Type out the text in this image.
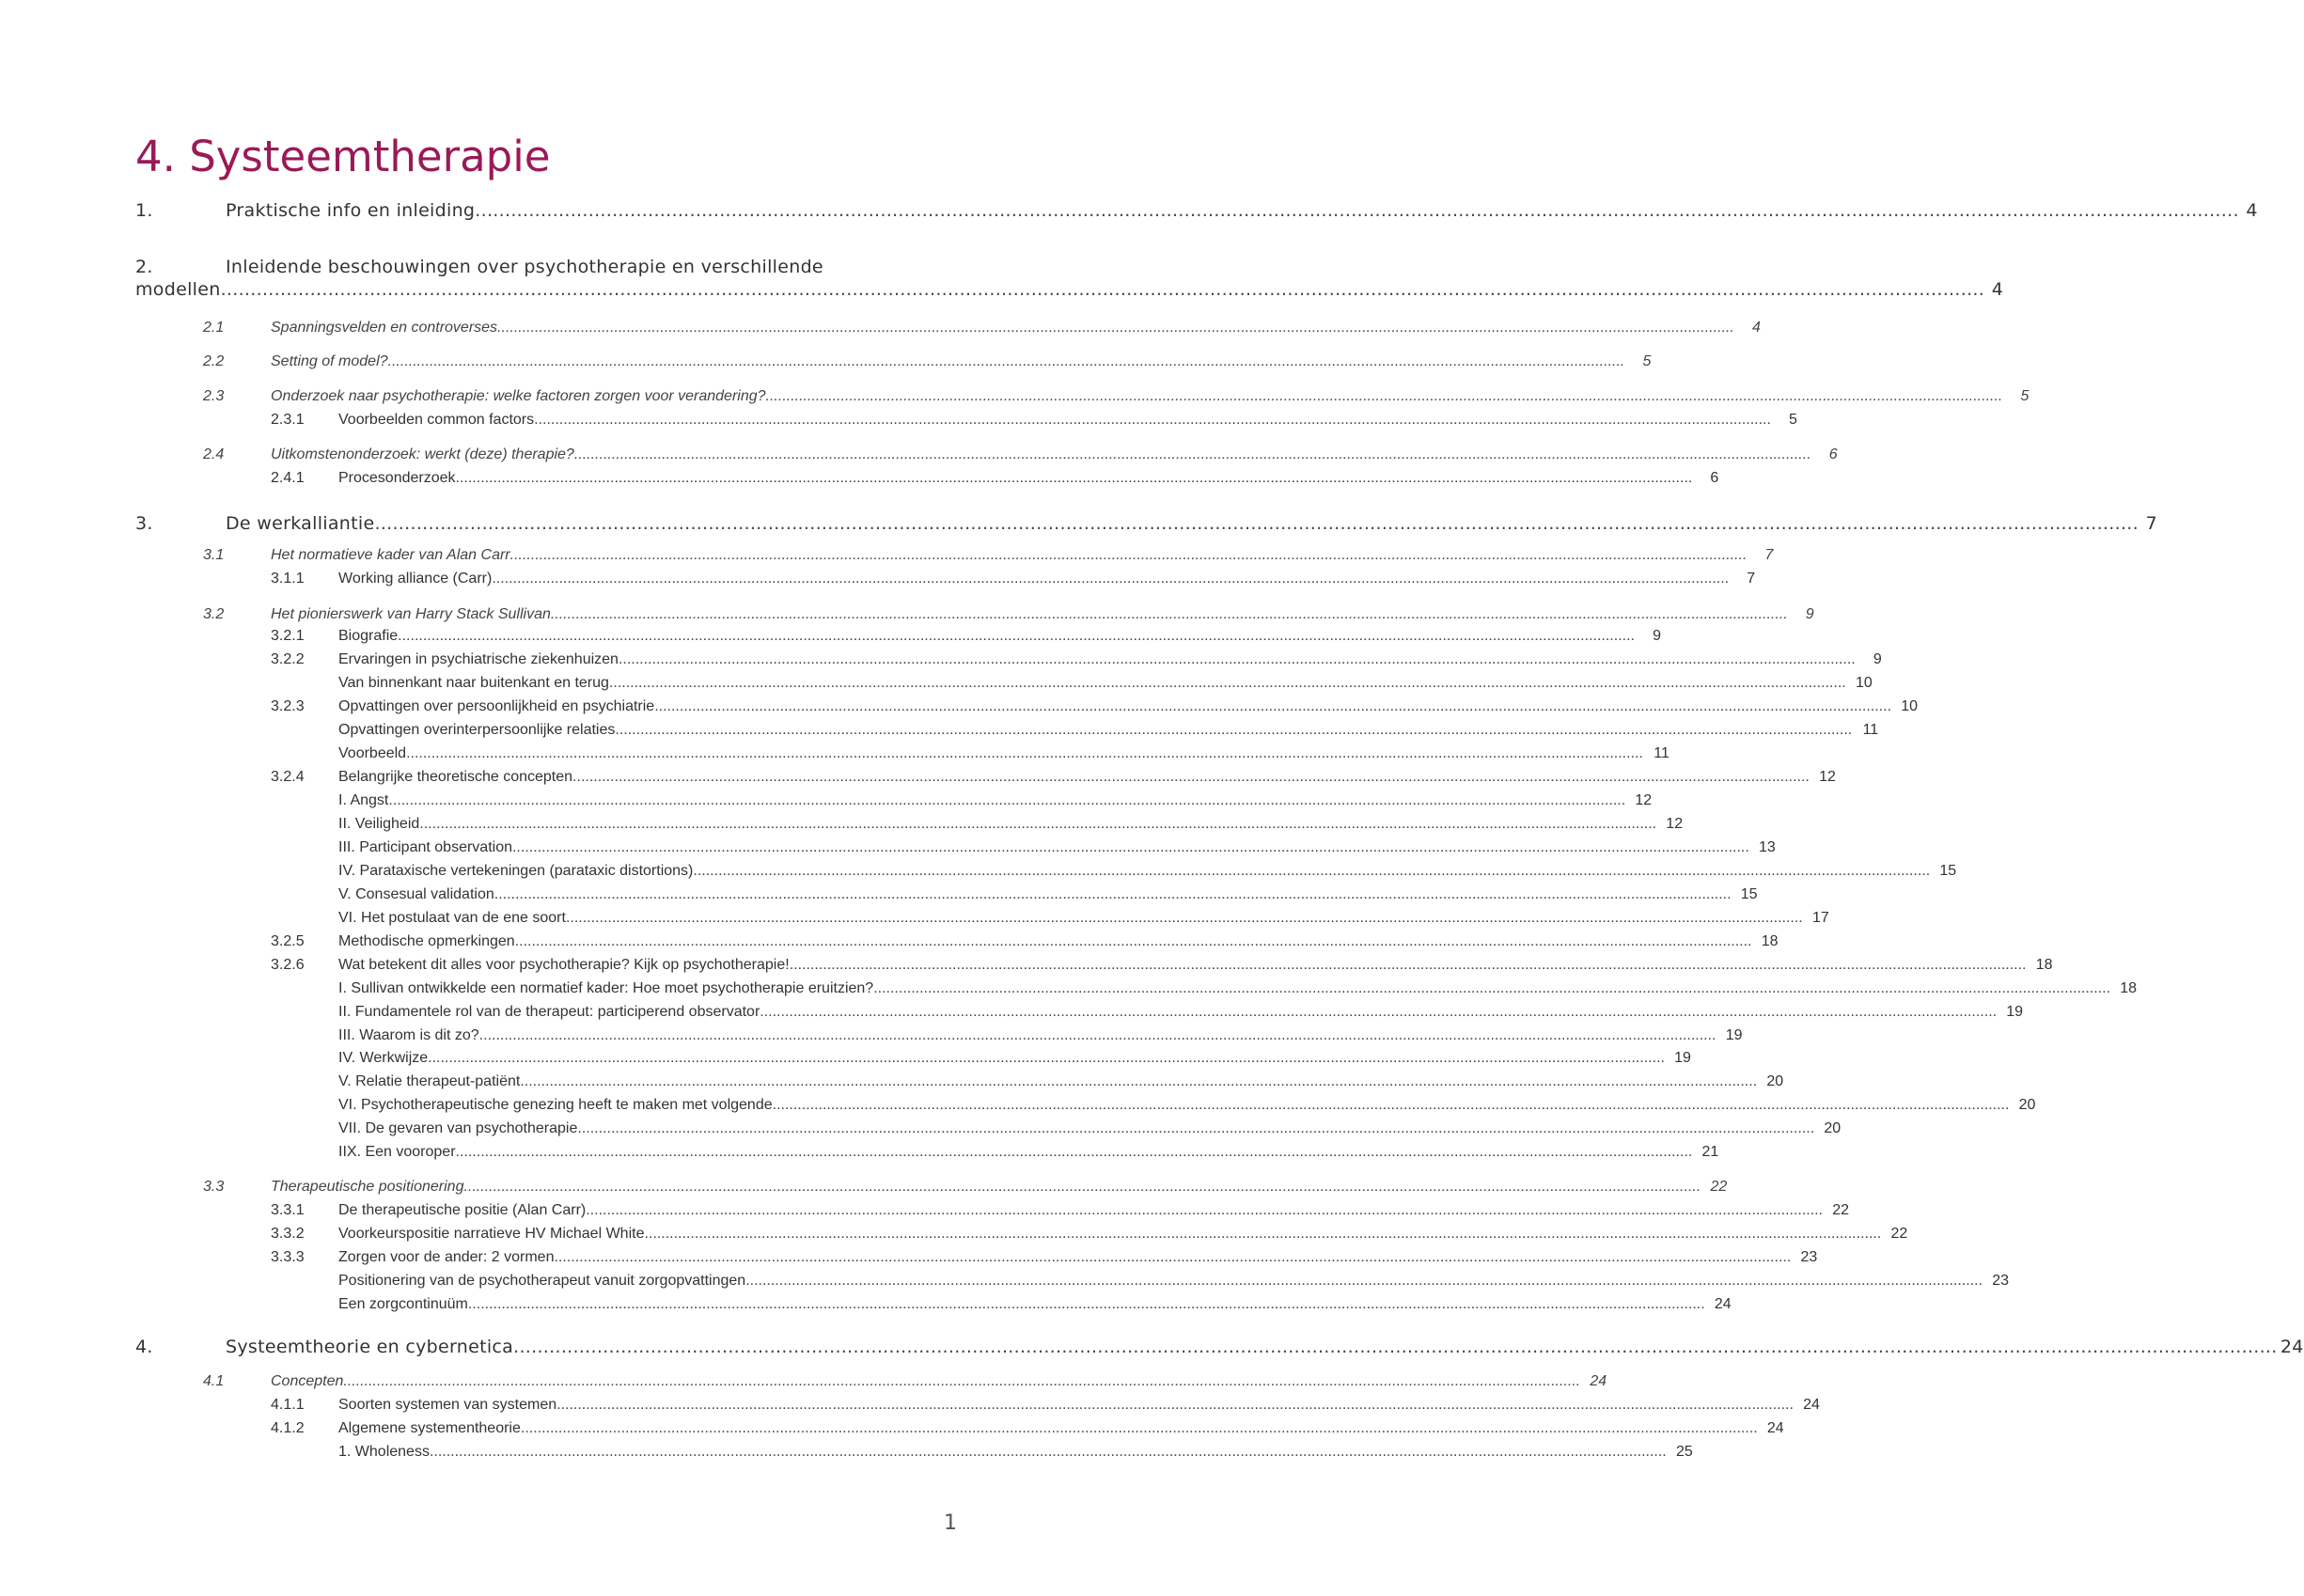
4. Systeemtherapie
1.	Praktische info en inleiding ........................................................................................................................................................................................................................................................................................................ 4
2.	Inleidende beschouwingen over psychotherapie en verschillende
modellen ........................................................................................................................................................................................................................................................................................................ 4
2.1	Spanningsvelden en controverses ........................................................................................................................................................................................................................................................................................................	4
2.2	Setting of model? ........................................................................................................................................................................................................................................................................................................	5
2.3	Onderzoek naar psychotherapie: welke factoren zorgen voor verandering? ........................................................................................................................................................................................................................................................................................................	5
2.3.1	Voorbeelden common factors ........................................................................................................................................................................................................................................................................................................	5
2.4	Uitkomstenonderzoek: werkt (deze) therapie? ........................................................................................................................................................................................................................................................................................................	6
2.4.1	Procesonderzoek ........................................................................................................................................................................................................................................................................................................	6
3.	De werkalliantie ........................................................................................................................................................................................................................................................................................................ 7
3.1	Het normatieve kader van Alan Carr ........................................................................................................................................................................................................................................................................................................	7
3.1.1	Working alliance (Carr) ........................................................................................................................................................................................................................................................................................................	7
3.2	Het pionierswerk van Harry Stack Sullivan ........................................................................................................................................................................................................................................................................................................	9
3.2.1	Biografie ........................................................................................................................................................................................................................................................................................................	9
3.2.2	Ervaringen in psychiatrische ziekenhuizen ........................................................................................................................................................................................................................................................................................................	9
Van binnenkant naar buitenkant en terug ........................................................................................................................................................................................................................................................................................................ 10
3.2.3	Opvattingen over persoonlijkheid en psychiatrie ........................................................................................................................................................................................................................................................................................................ 10
Opvattingen overinterpersoonlijke relaties ........................................................................................................................................................................................................................................................................................................ 11
Voorbeeld ........................................................................................................................................................................................................................................................................................................ 11
3.2.4	Belangrijke theoretische concepten ........................................................................................................................................................................................................................................................................................................ 12
I. Angst ........................................................................................................................................................................................................................................................................................................ 12
II. Veiligheid ........................................................................................................................................................................................................................................................................................................ 12
III. Participant observation ........................................................................................................................................................................................................................................................................................................ 13
IV. Parataxische vertekeningen (parataxic distortions) ........................................................................................................................................................................................................................................................................................................ 15
V. Consesual validation ........................................................................................................................................................................................................................................................................................................ 15
VI. Het postulaat van de ene soort ........................................................................................................................................................................................................................................................................................................ 17
3.2.5	Methodische opmerkingen ........................................................................................................................................................................................................................................................................................................ 18
3.2.6	Wat betekent dit alles voor psychotherapie? Kijk op psychotherapie! ........................................................................................................................................................................................................................................................................................................ 18
I. Sullivan ontwikkelde een normatief kader: Hoe moet psychotherapie eruitzien? ........................................................................................................................................................................................................................................................................................................ 18
II. Fundamentele rol van de therapeut: participerend observator ........................................................................................................................................................................................................................................................................................................ 19
III. Waarom is dit zo? ........................................................................................................................................................................................................................................................................................................ 19
IV. Werkwijze ........................................................................................................................................................................................................................................................................................................ 19
V. Relatie therapeut-patiënt ........................................................................................................................................................................................................................................................................................................ 20
VI. Psychotherapeutische genezing heeft te maken met volgende ........................................................................................................................................................................................................................................................................................................ 20
VII. De gevaren van psychotherapie ........................................................................................................................................................................................................................................................................................................ 20
IIX. Een vooroper ........................................................................................................................................................................................................................................................................................................ 21
3.3	Therapeutische positionering ........................................................................................................................................................................................................................................................................................................ 22
3.3.1	De therapeutische positie (Alan Carr) ........................................................................................................................................................................................................................................................................................................ 22
3.3.2	Voorkeurspositie narratieve HV Michael White ........................................................................................................................................................................................................................................................................................................ 22
3.3.3	Zorgen voor de ander: 2 vormen ........................................................................................................................................................................................................................................................................................................ 23
Positionering van de psychotherapeut vanuit zorgopvattingen ........................................................................................................................................................................................................................................................................................................ 23
Een zorgcontinuüm ........................................................................................................................................................................................................................................................................................................ 24
4.	Systeemtheorie en cybernetica ........................................................................................................................................................................................................................................................................................................ 24
4.1	Concepten ........................................................................................................................................................................................................................................................................................................ 24
4.1.1	Soorten systemen van systemen ........................................................................................................................................................................................................................................................................................................ 24
4.1.2	Algemene systementheorie ........................................................................................................................................................................................................................................................................................................ 24
1. Wholeness ........................................................................................................................................................................................................................................................................................................ 25
1
